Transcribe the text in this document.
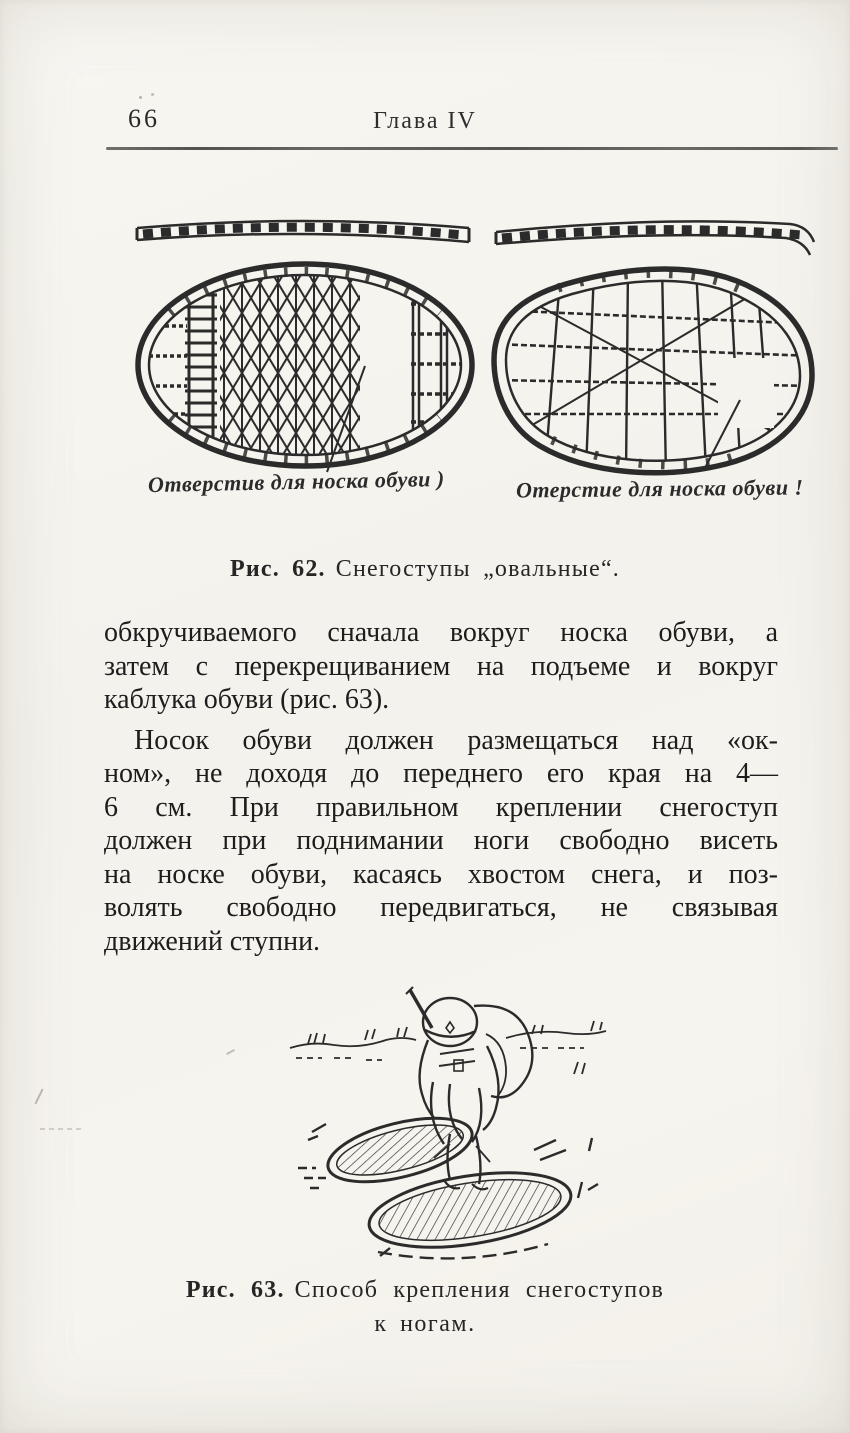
66	Глава IV
Отверстив для носка обуви )	Отерстие для носка обуви !
Рис. 62. Снегоступы „овальные“.
обкручиваемого сначала вокруг носка обуви, а
затем с перекрещиванием на подъеме и вокруг
каблука обуви (рис. 63).
Носок обуви должен размещаться над «ок-
ном», не доходя до переднего его края на 4—
6 см. При правильном креплении снегоступ
должен при поднимании ноги свободно висеть
на носке обуви, касаясь хвостом снега, и поз-
волять свободно передвигаться, не связывая
движений ступни.
Рис. 63. Способ крепления снегоступов
к ногам.
